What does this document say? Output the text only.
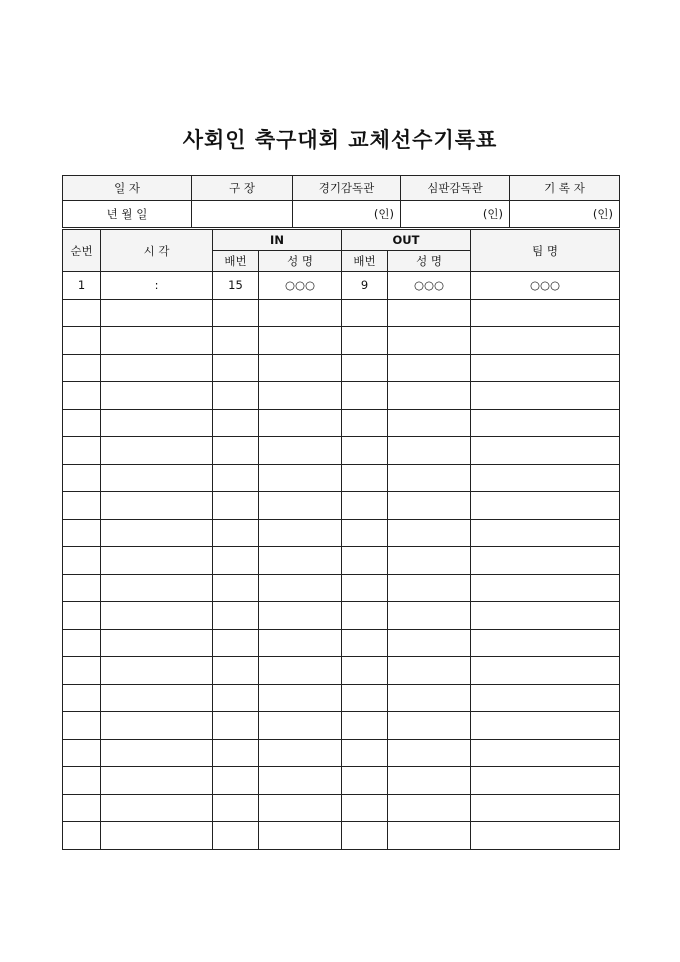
사회인 축구대회 교체선수기록표
일 자	구 장	경기감독관	심판감독관	기 록 자
년 월 일		(인)	(인)	(인)
순번	시 각	IN		OUT		팀 명
		배번	성 명	배번	성 명	
1	:	15	○○○	9	○○○	○○○
